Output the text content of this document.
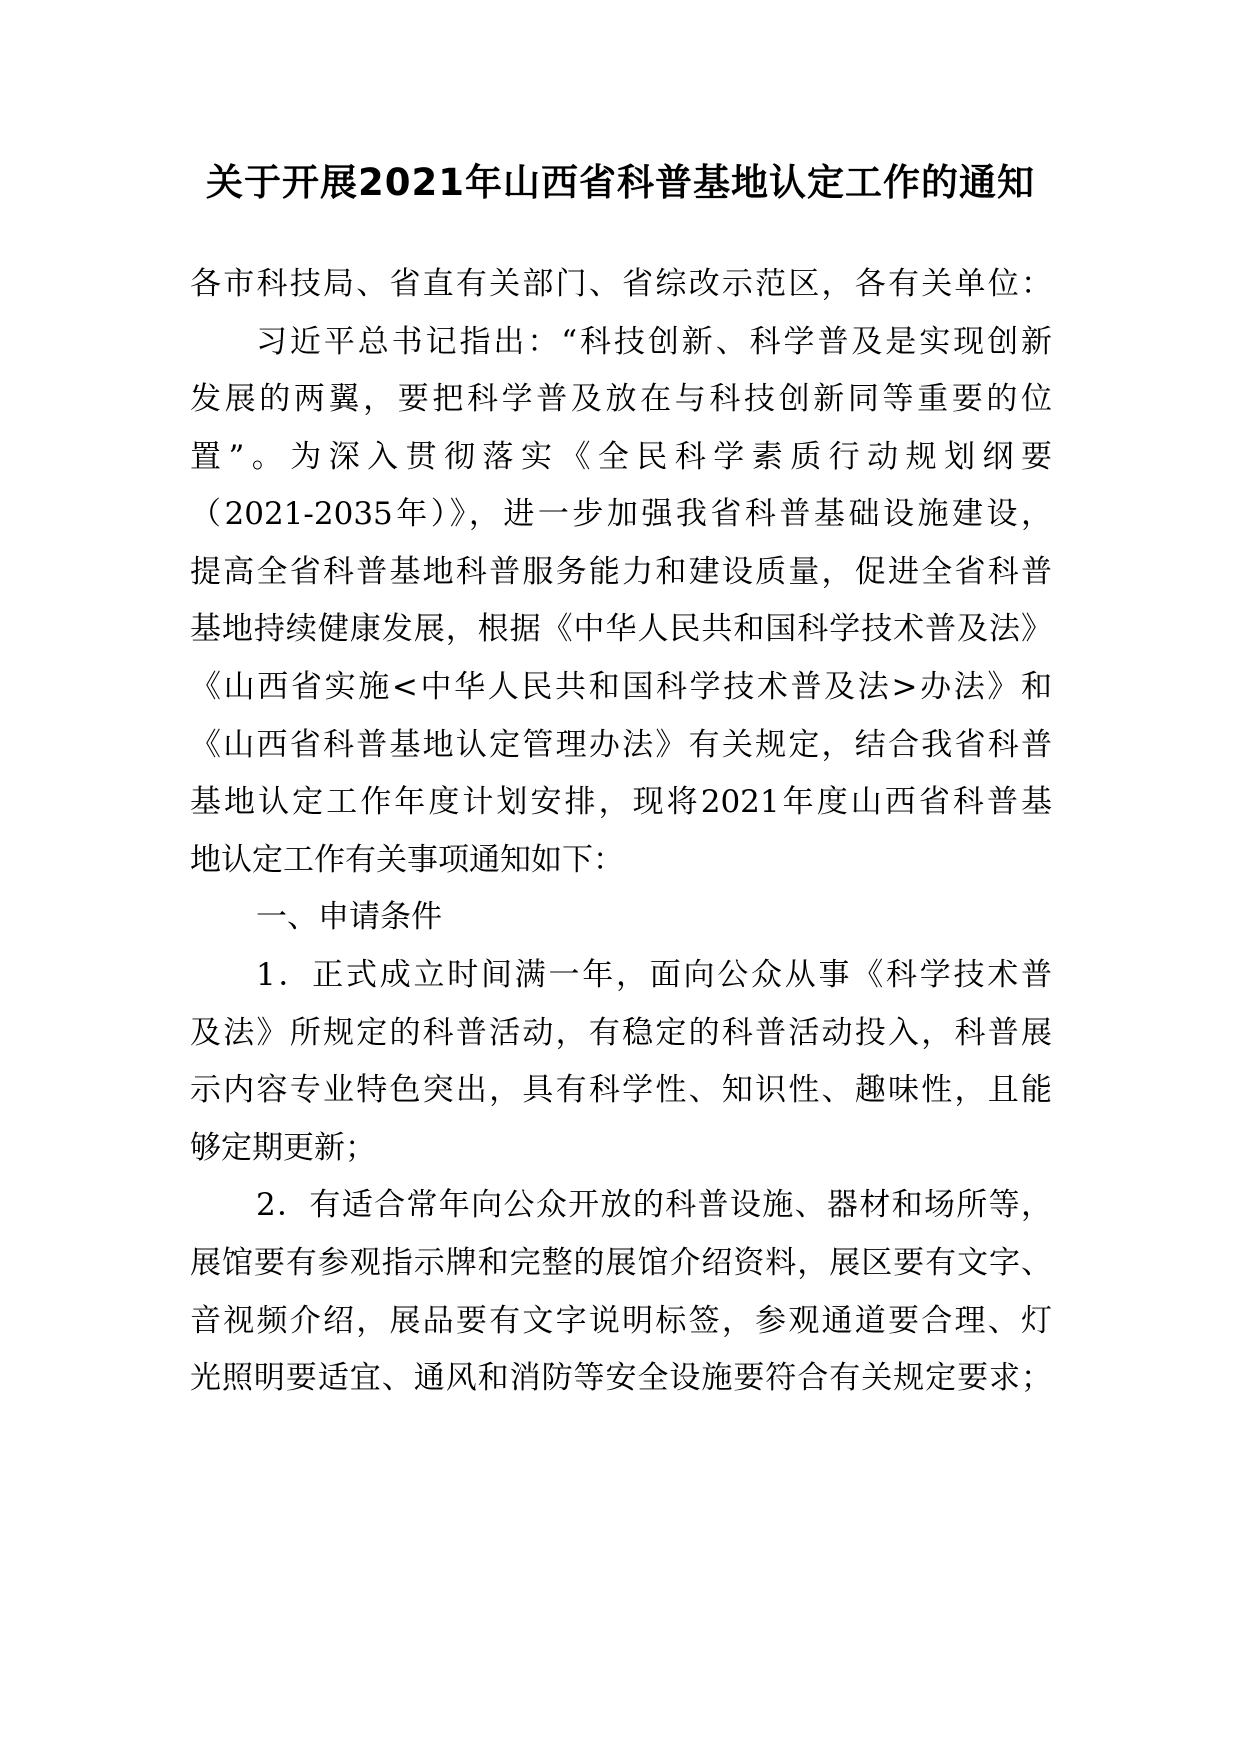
关于开展2021年山西省科普基地认定工作的通知
各市科技局、省直有关部门、省综改示范区，各有关单位：
习近平总书记指出：“科技创新、科学普及是实现创新
发展的两翼，要把科学普及放在与科技创新同等重要的位
置”。为深入贯彻落实《全民科学素质行动规划纲要
（2021-2035年）》，进一步加强我省科普基础设施建设，
提高全省科普基地科普服务能力和建设质量，促进全省科普
基地持续健康发展，根据《中华人民共和国科学技术普及法》
《山西省实施<中华人民共和国科学技术普及法>办法》和
《山西省科普基地认定管理办法》有关规定，结合我省科普
基地认定工作年度计划安排，现将2021年度山西省科普基
地认定工作有关事项通知如下：
一、申请条件
1．正式成立时间满一年，面向公众从事《科学技术普
及法》所规定的科普活动，有稳定的科普活动投入，科普展
示内容专业特色突出，具有科学性、知识性、趣味性，且能
够定期更新；
2．有适合常年向公众开放的科普设施、器材和场所等，
展馆要有参观指示牌和完整的展馆介绍资料，展区要有文字、
音视频介绍，展品要有文字说明标签，参观通道要合理、灯
光照明要适宜、通风和消防等安全设施要符合有关规定要求；
